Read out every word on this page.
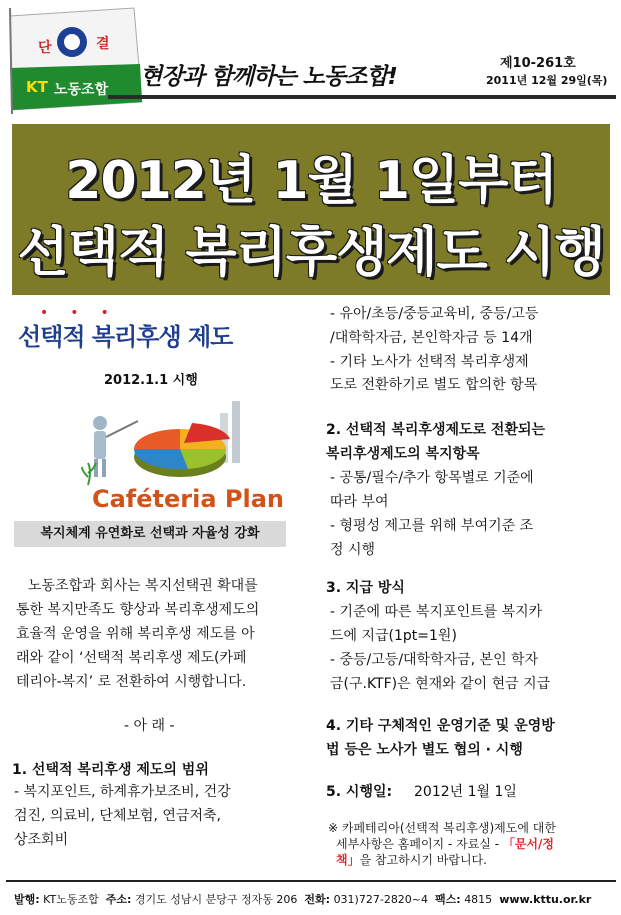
단	결
KT 노동조합 현장과 함께하는 노동조합!
제10-261호
2011년 12월 29일(목)
2012년 1월 1일부터
선택적 복리후생제도 시행
•••
선택적 복리후생 제도
2012.1.1 시행
Caféteria Plan
복지체계 유연화로 선택과 자율성 강화
- 유아/초등/중등교육비, 중등/고등
/대학학자금, 본인학자금 등 14개
- 기타 노사가 선택적 복리후생제
도로 전환하기로 별도 합의한 항목
2. 선택적 복리후생제도로 전환되는
복리후생제도의 복지항목
- 공통/필수/추가 항목별로 기준에
따라 부여
- 형평성 제고를 위해 부여기준 조
정 시행
3. 지급 방식
- 기준에 따른 복지포인트를 복지카
드에 지급(1pt=1원)
- 중등/고등/대학학자금, 본인 학자
금(구.KTF)은 현재와 같이 현금 지급
4. 기타 구체적인 운영기준 및 운영방
법 등은 노사가 별도 협의 · 시행
5. 시행일: 2012년 1월 1일
※ 카페테리아(선택적 복리후생)제도에 대한
세부사항은 홈페이지 - 자료실 - 「문서/정
책」을 참고하시기 바랍니다.
노동조합과 회사는 복지선택권 확대를
통한 복지만족도 향상과 복리후생제도의
효율적 운영을 위해 복리후생 제도를 아
래와 같이 ‘선택적 복리후생 제도(카페
테리아-복지’ 로 전환하여 시행합니다.
- 아 래 -
1. 선택적 복리후생 제도의 범위
- 복지포인트, 하계휴가보조비, 건강
검진, 의료비, 단체보험, 연금저축,
상조회비
발행: KT노동조합 주소: 경기도 성남시 분당구 정자동 206 전화: 031)727-2820~4 팩스: 4815 www.kttu.or.kr
